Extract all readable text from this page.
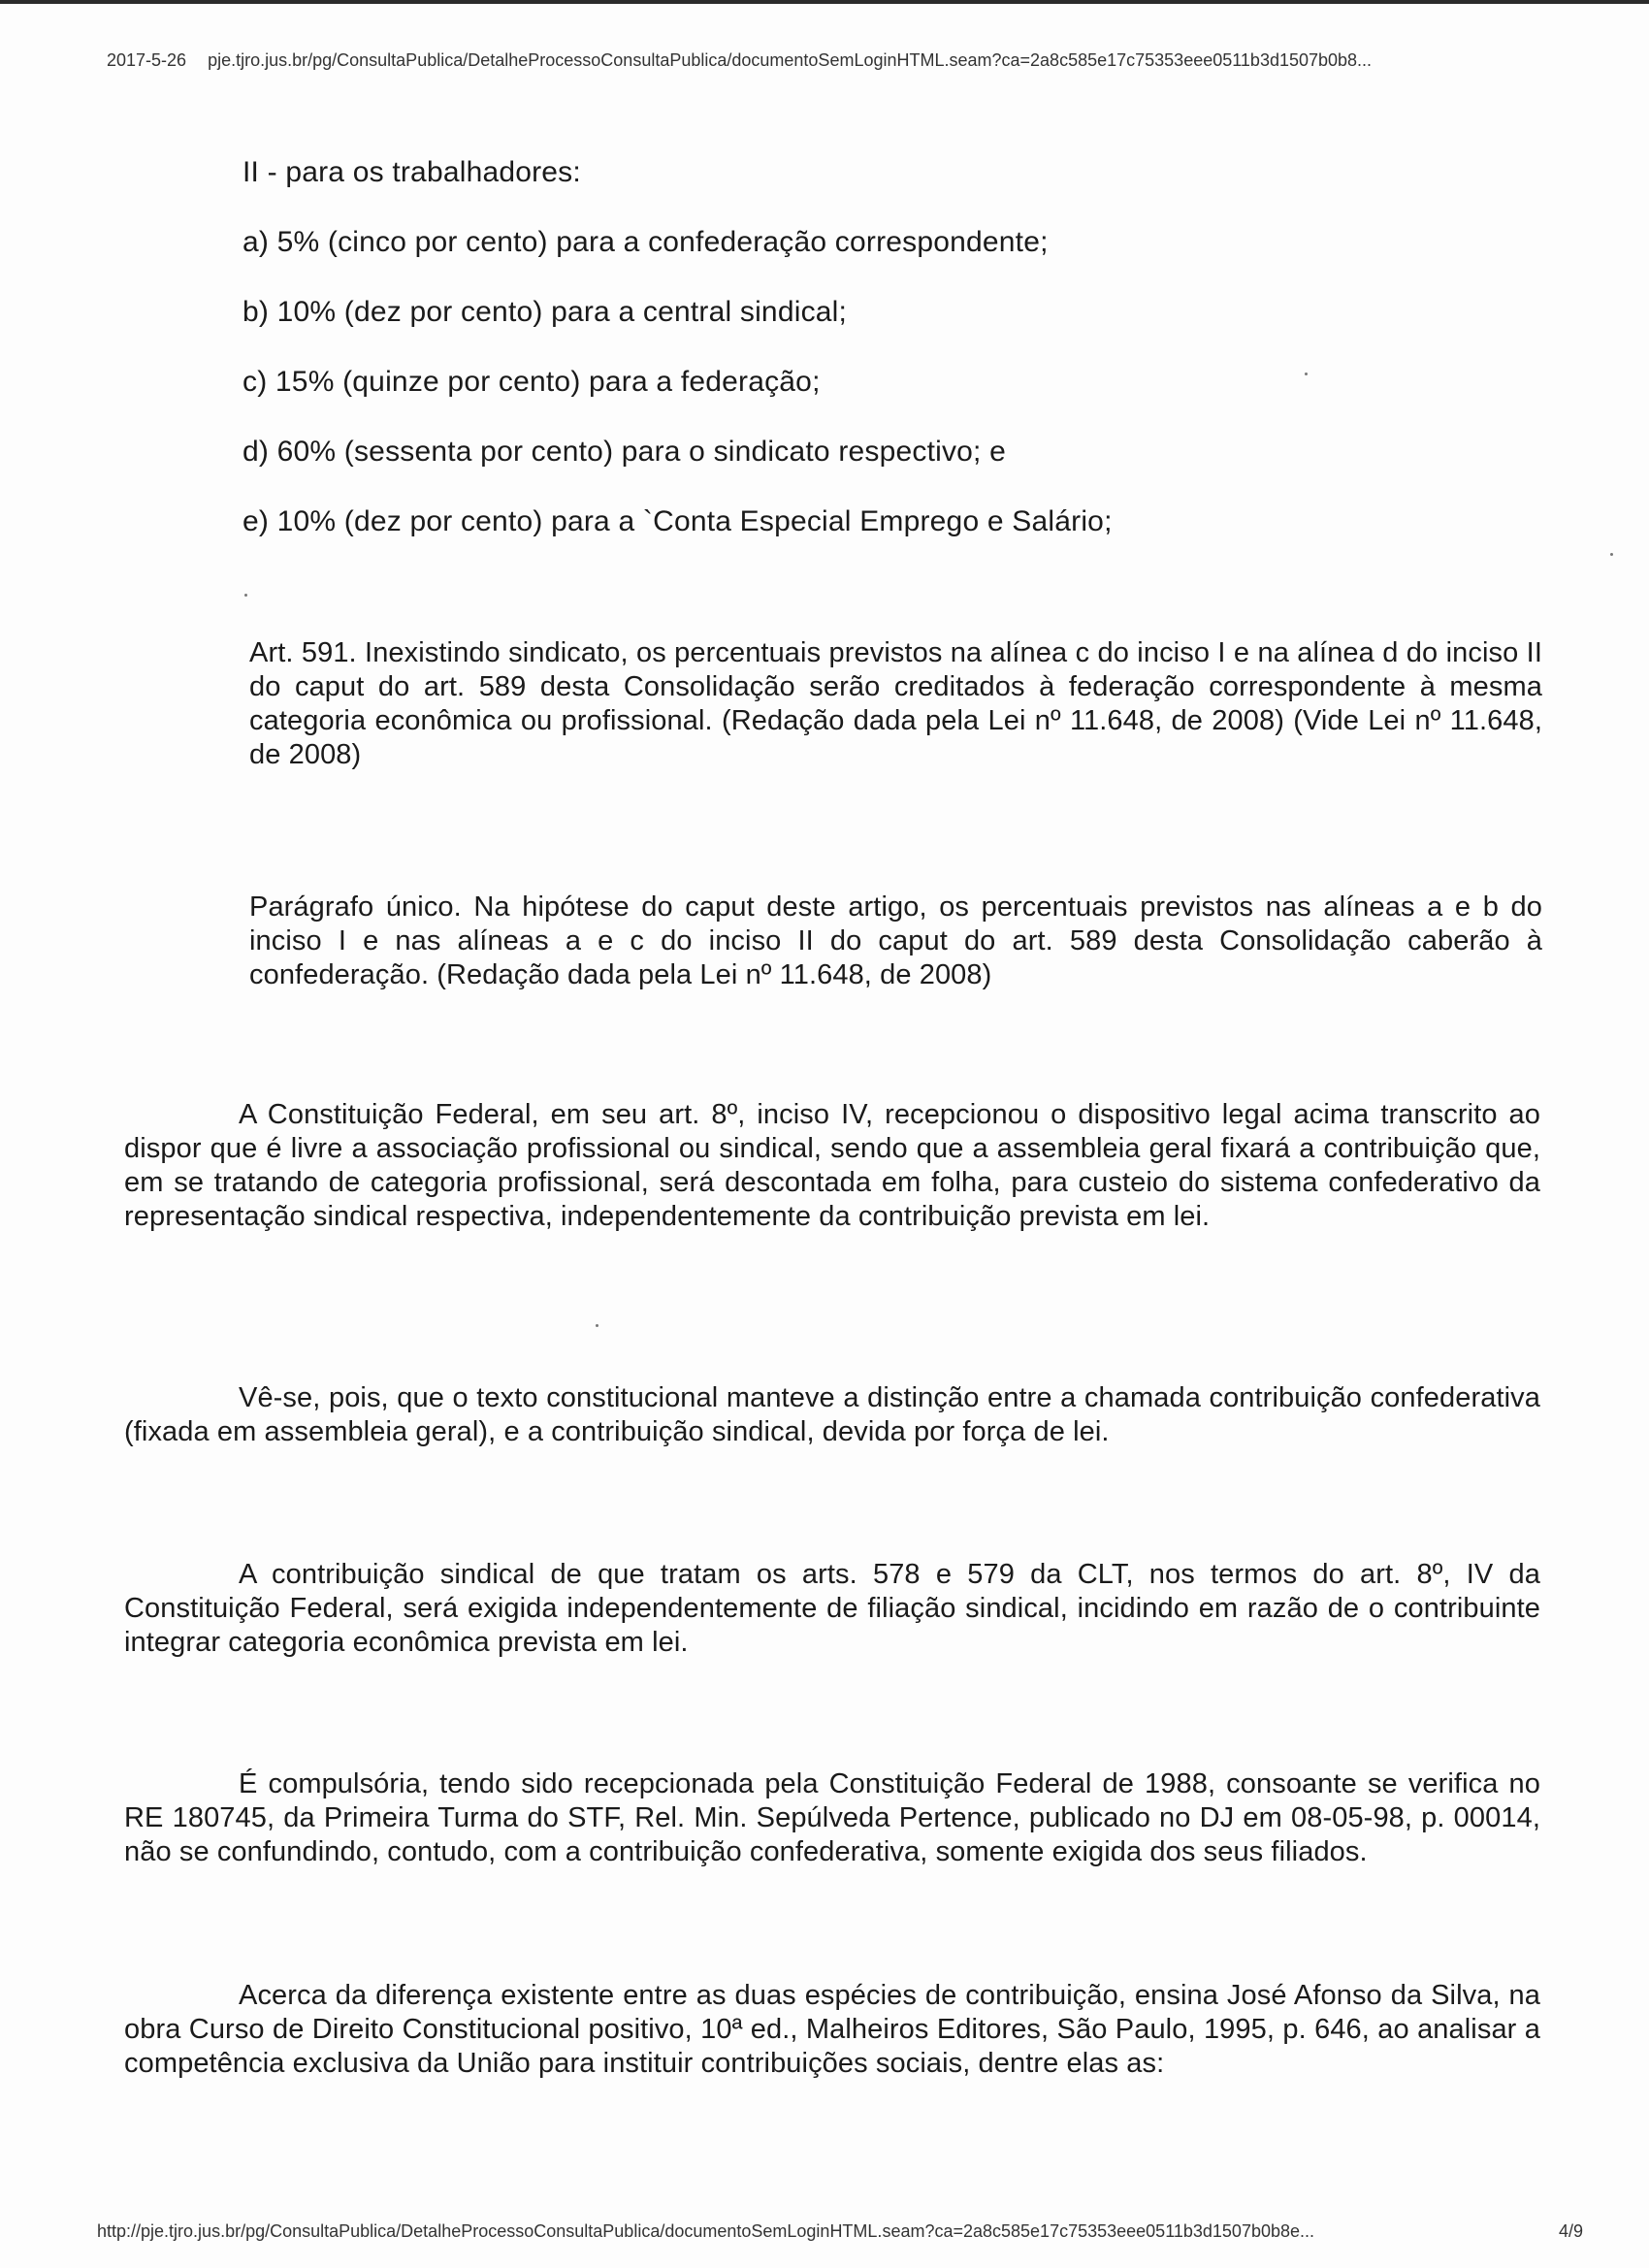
2017-5-26 pje.tjro.jus.br/pg/ConsultaPublica/DetalheProcessoConsultaPublica/documentoSemLoginHTML.seam?ca=2a8c585e17c75353eee0511b3d1507b0b8...
II - para os trabalhadores:
a) 5% (cinco por cento) para a confederação correspondente;
b) 10% (dez por cento) para a central sindical;
c) 15% (quinze por cento) para a federação;
d) 60% (sessenta por cento) para o sindicato respectivo; e
e) 10% (dez por cento) para a `Conta Especial Emprego e Salário;
Art. 591. Inexistindo sindicato, os percentuais previstos na alínea c do inciso I e na alínea d do inciso II do caput do art. 589 desta Consolidação serão creditados à federação correspondente à mesma categoria econômica ou profissional. (Redação dada pela Lei nº 11.648, de 2008) (Vide Lei nº 11.648, de 2008)
Parágrafo único. Na hipótese do caput deste artigo, os percentuais previstos nas alíneas a e b do inciso I e nas alíneas a e c do inciso II do caput do art. 589 desta Consolidação caberão à confederação. (Redação dada pela Lei nº 11.648, de 2008)
A Constituição Federal, em seu art. 8º, inciso IV, recepcionou o dispositivo legal acima transcrito ao dispor que é livre a associação profissional ou sindical, sendo que a assembleia geral fixará a contribuição que, em se tratando de categoria profissional, será descontada em folha, para custeio do sistema confederativo da representação sindical respectiva, independentemente da contribuição prevista em lei.
Vê-se, pois, que o texto constitucional manteve a distinção entre a chamada contribuição confederativa (fixada em assembleia geral), e a contribuição sindical, devida por força de lei.
A contribuição sindical de que tratam os arts. 578 e 579 da CLT, nos termos do art. 8º, IV da Constituição Federal, será exigida independentemente de filiação sindical, incidindo em razão de o contribuinte integrar categoria econômica prevista em lei.
É compulsória, tendo sido recepcionada pela Constituição Federal de 1988, consoante se verifica no RE 180745, da Primeira Turma do STF, Rel. Min. Sepúlveda Pertence, publicado no DJ em 08-05-98, p. 00014, não se confundindo, contudo, com a contribuição confederativa, somente exigida dos seus filiados.
Acerca da diferença existente entre as duas espécies de contribuição, ensina José Afonso da Silva, na obra Curso de Direito Constitucional positivo, 10ª ed., Malheiros Editores, São Paulo, 1995, p. 646, ao analisar a competência exclusiva da União para instituir contribuições sociais, dentre elas as:
http://pje.tjro.jus.br/pg/ConsultaPublica/DetalheProcessoConsultaPublica/documentoSemLoginHTML.seam?ca=2a8c585e17c75353eee0511b3d1507b0b8e...	4/9
